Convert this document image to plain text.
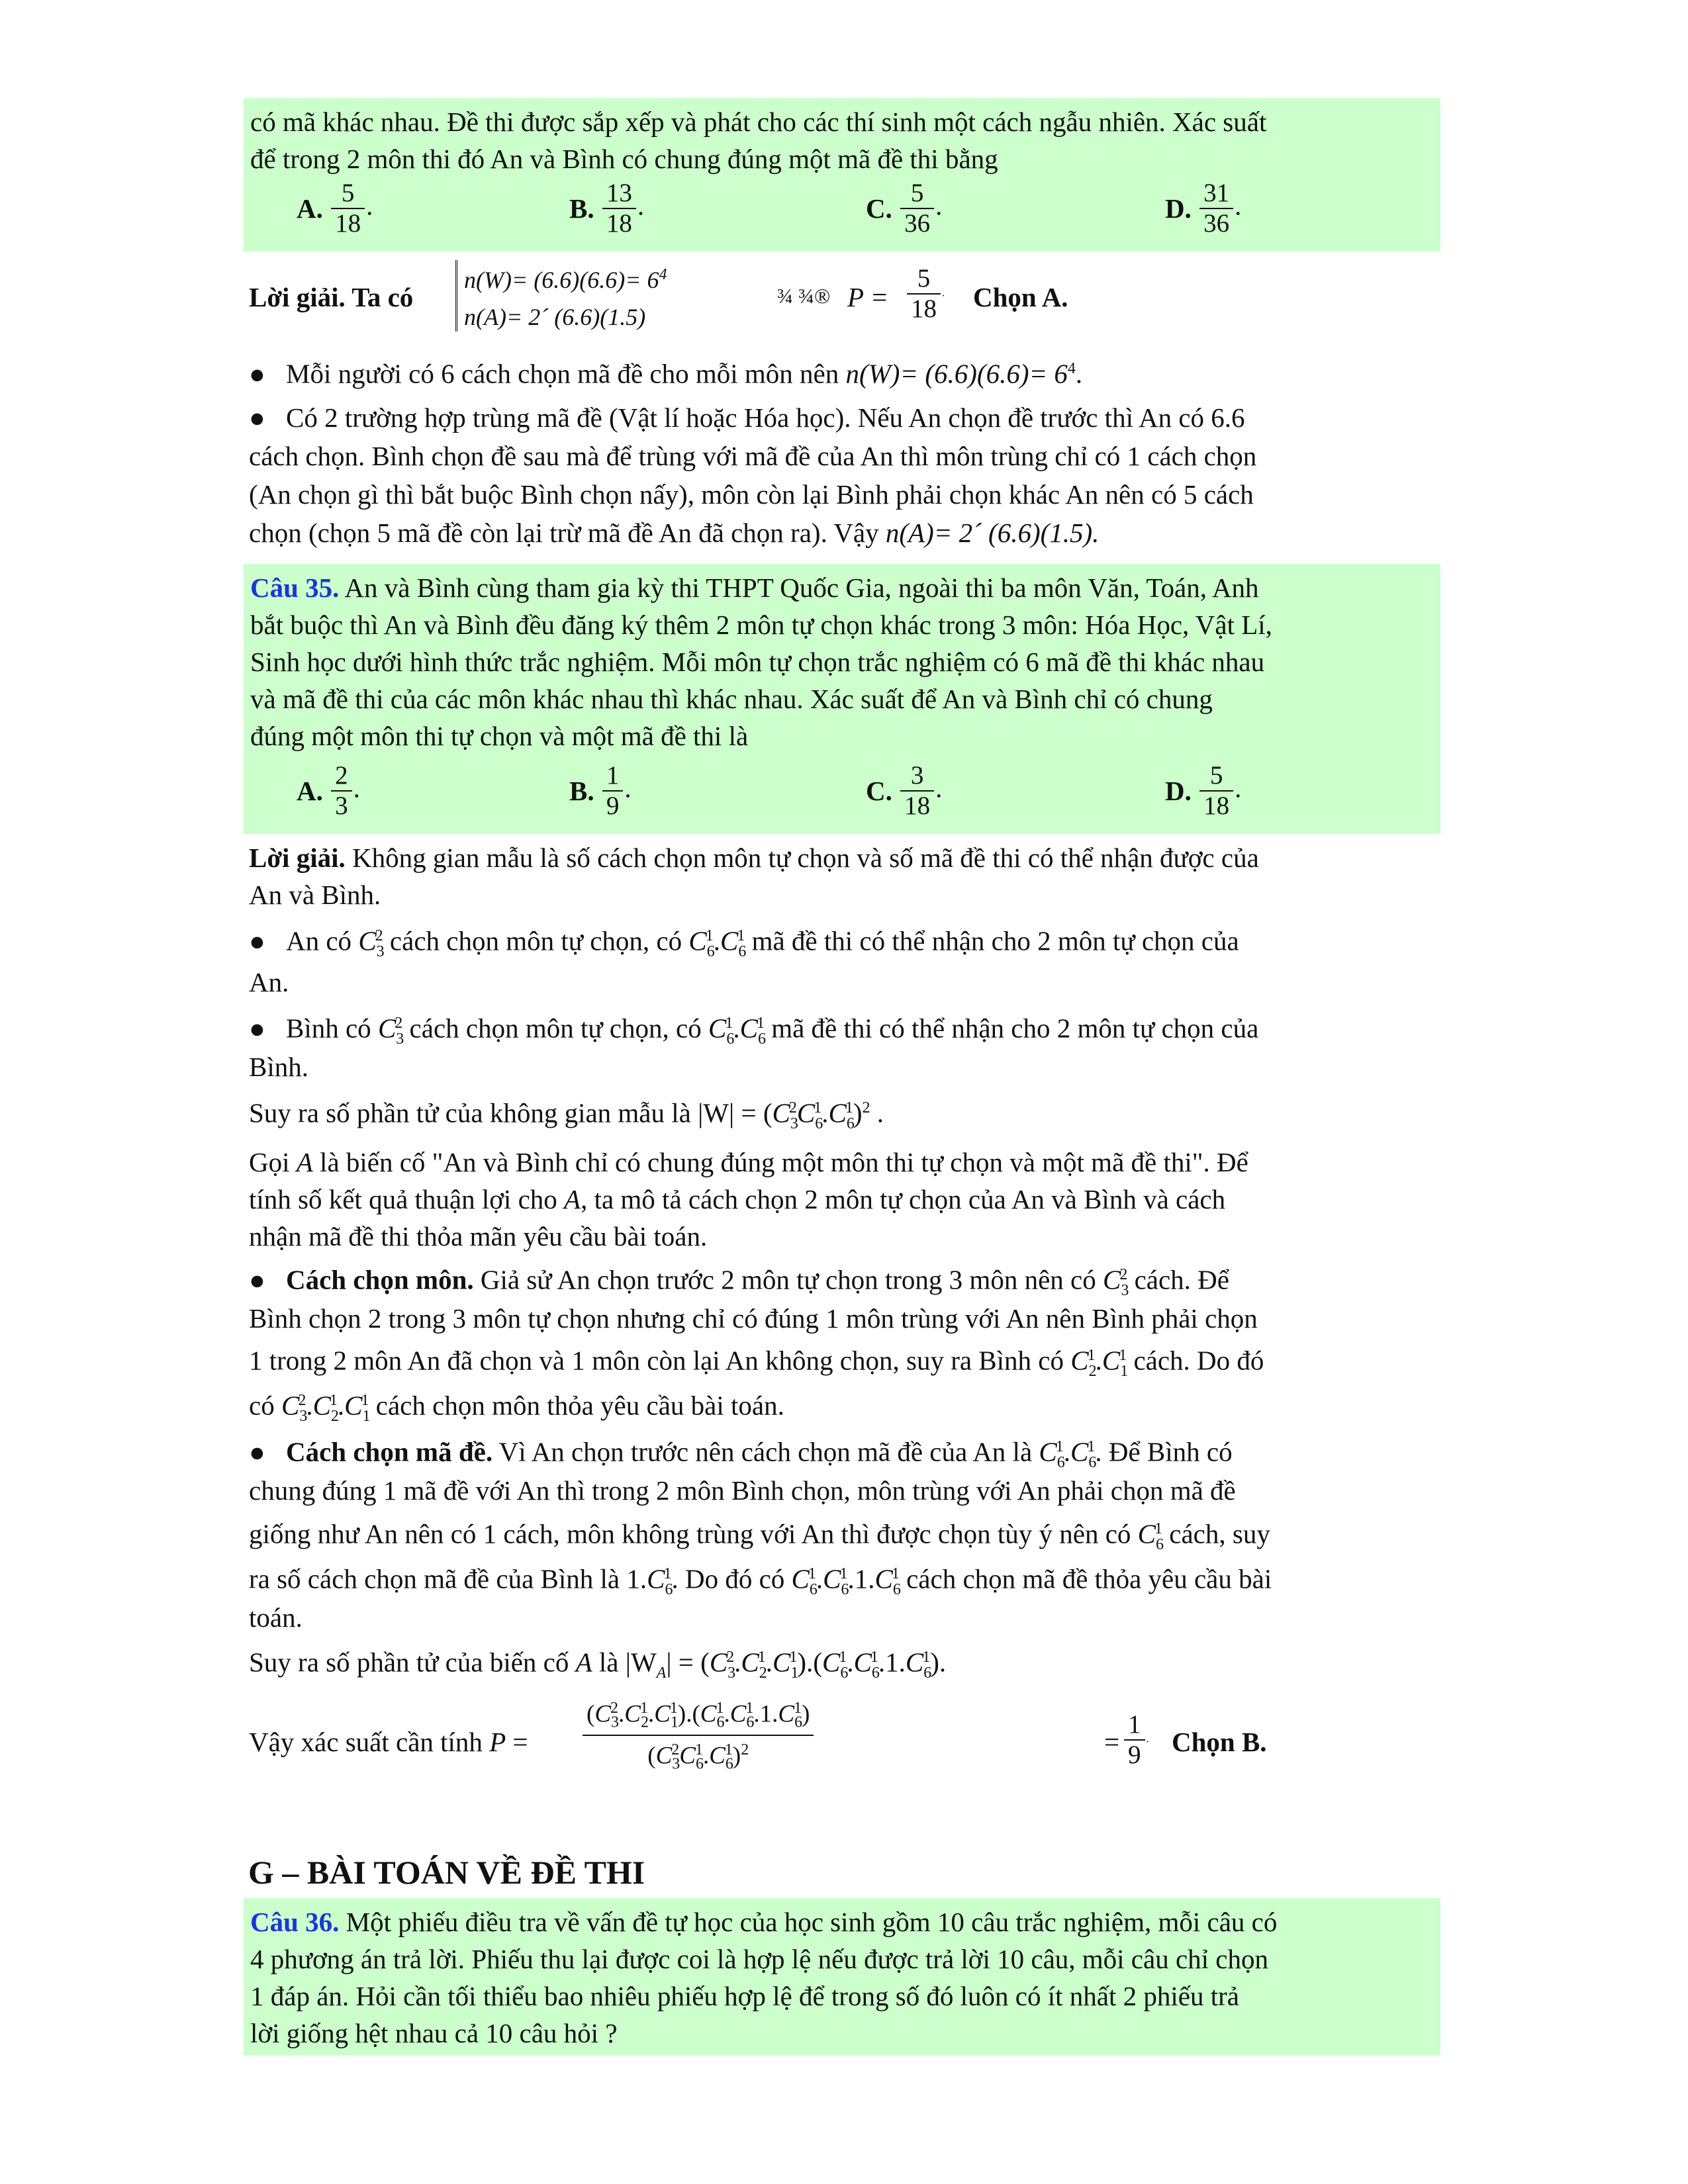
có mã khác nhau. Đề thi được sắp xếp và phát cho các thí sinh một cách ngẫu nhiên. Xác suất
để trong 2 môn thi đó An và Bình có chung đúng một mã đề thi bằng
A. $\frac{5}{18}$ .	B. $\frac{13}{18}$ .	C. $\frac{5}{36}$ .	D. $\frac{31}{36}$ .
Lời giải. Ta có
$n(W)= (6.6)(6.6)= 6^4$
n(A)= 2´ (6.6)(1.5)
¾ ¾® $P = \frac{5}{18}$ . Chọn A.
● Mỗi người có 6 cách chọn mã đề cho mỗi môn nên $n(W)= (6.6)(6.6)= 6^4$.
● Có 2 trường hợp trùng mã đề (Vật lí hoặc Hóa học). Nếu An chọn đề trước thì An có 6.6
cách chọn. Bình chọn đề sau mà để trùng với mã đề của An thì môn trùng chỉ có 1 cách chọn
(An chọn gì thì bắt buộc Bình chọn nấy), môn còn lại Bình phải chọn khác An nên có 5 cách
chọn (chọn 5 mã đề còn lại trừ mã đề An đã chọn ra). Vậy n(A)= 2´ (6.6)(1.5).
Câu 35. An và Bình cùng tham gia kỳ thi THPT Quốc Gia, ngoài thi ba môn Văn, Toán, Anh
bắt buộc thì An và Bình đều đăng ký thêm 2 môn tự chọn khác trong 3 môn: Hóa Học, Vật Lí,
Sinh học dưới hình thức trắc nghiệm. Mỗi môn tự chọn trắc nghiệm có 6 mã đề thi khác nhau
và mã đề thi của các môn khác nhau thì khác nhau. Xác suất để An và Bình chỉ có chung
đúng một môn thi tự chọn và một mã đề thi là
A. $\frac{2}{3}$ .	B. $\frac{1}{9}$ .	C. $\frac{3}{18}$ .	D. $\frac{5}{18}$ .
Lời giải. Không gian mẫu là số cách chọn môn tự chọn và số mã đề thi có thể nhận được của
An và Bình.
● An có $C_3^2$ cách chọn môn tự chọn, có $C_6^1.C_6^1$ mã đề thi có thể nhận cho 2 môn tự chọn của
An.
● Bình có $C_3^2$ cách chọn môn tự chọn, có $C_6^1.C_6^1$ mã đề thi có thể nhận cho 2 môn tự chọn của
Bình.
Suy ra số phần tử của không gian mẫu là $|W| = (C_3^2C_6^1.C_6^1)^2$ .
Gọi A là biến cố "An và Bình chỉ có chung đúng một môn thi tự chọn và một mã đề thi". Để
tính số kết quả thuận lợi cho A, ta mô tả cách chọn 2 môn tự chọn của An và Bình và cách
nhận mã đề thi thỏa mãn yêu cầu bài toán.
● Cách chọn môn. Giả sử An chọn trước 2 môn tự chọn trong 3 môn nên có $C_3^2$ cách. Để
Bình chọn 2 trong 3 môn tự chọn nhưng chỉ có đúng 1 môn trùng với An nên Bình phải chọn
1 trong 2 môn An đã chọn và 1 môn còn lại An không chọn, suy ra Bình có $C_2^1.C_1^1$ cách. Do đó
có $C_3^2.C_2^1.C_1^1$ cách chọn môn thỏa yêu cầu bài toán.
● Cách chọn mã đề. Vì An chọn trước nên cách chọn mã đề của An là $C_6^1.C_6^1$. Để Bình có
chung đúng 1 mã đề với An thì trong 2 môn Bình chọn, môn trùng với An phải chọn mã đề
giống như An nên có 1 cách, môn không trùng với An thì được chọn tùy ý nên có $C_6^1$ cách, suy
ra số cách chọn mã đề của Bình là $1.C_6^1$. Do đó có $C_6^1.C_6^1.1.C_6^1$ cách chọn mã đề thỏa yêu cầu bài
toán.
Suy ra số phần tử của biến cố A là $|W_A| = (C_3^2.C_2^1.C_1^1).(C_6^1.C_6^1.1.C_6^1)$.
Vậy xác suất cần tính P =
$(C_3^2.C_2^1.C_1^1).(C_6^1.C_6^1.1.C_6^1)$
$(C_3^2C_6^1.C_6^1)^2$	= $\frac{1}{9}$ . Chọn B.
G – BÀI TOÁN VỀ ĐỀ THI
Câu 36. Một phiếu điều tra về vấn đề tự học của học sinh gồm 10 câu trắc nghiệm, mỗi câu có
4 phương án trả lời. Phiếu thu lại được coi là hợp lệ nếu được trả lời 10 câu, mỗi câu chỉ chọn
1 đáp án. Hỏi cần tối thiểu bao nhiêu phiếu hợp lệ để trong số đó luôn có ít nhất 2 phiếu trả
lời giống hệt nhau cả 10 câu hỏi ?
